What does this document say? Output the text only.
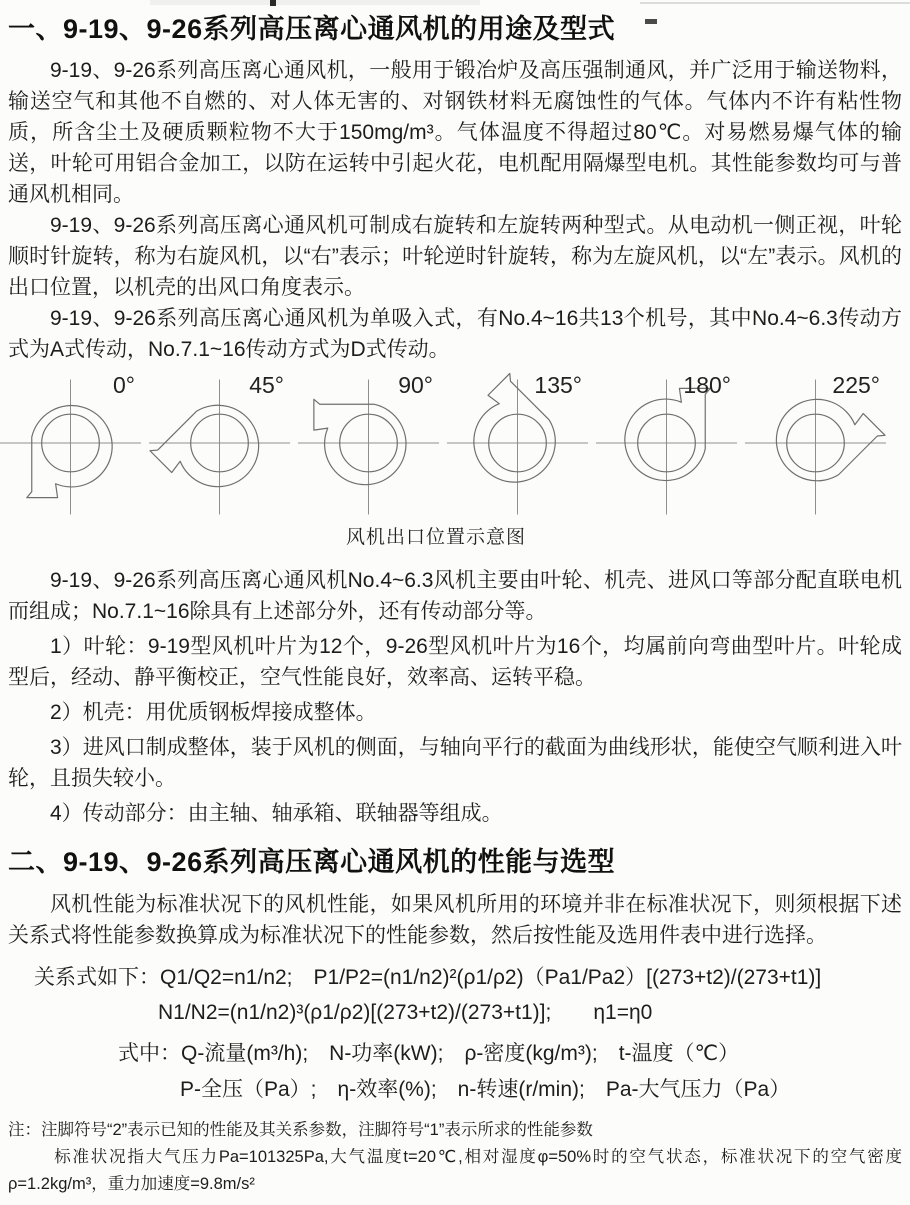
一、9-19、9-26系列高压离心通风机的用途及型式

9-19、9-26系列高压离心通风机，一般用于锻冶炉及高压强制通风，并广泛用于输送物料，输送空气和其他不自燃的、对人体无害的、对钢铁材料无腐蚀性的气体。气体内不许有粘性物质，所含尘土及硬质颗粒物不大于150mg/m³。气体温度不得超过80℃。对易燃易爆气体的输送，叶轮可用铝合金加工，以防在运转中引起火花，电机配用隔爆型电机。其性能参数均可与普通风机相同。

9-19、9-26系列高压离心通风机可制成右旋转和左旋转两种型式。从电动机一侧正视，叶轮顺时针旋转，称为右旋风机，以“右”表示；叶轮逆时针旋转，称为左旋风机，以“左”表示。风机的出口位置，以机壳的出风口角度表示。

9-19、9-26系列高压离心通风机为单吸入式，有No.4~16共13个机号，其中No.4~6.3传动方式为A式传动，No.7.1~16传动方式为D式传动。

0°	45°	90°	135°	180°	225°
风机出口位置示意图

9-19、9-26系列高压离心通风机No.4~6.3风机主要由叶轮、机壳、进风口等部分配直联电机而组成；No.7.1~16除具有上述部分外，还有传动部分等。

1）叶轮：9-19型风机叶片为12个，9-26型风机叶片为16个，均属前向弯曲型叶片。叶轮成型后，经动、静平衡校正，空气性能良好，效率高、运转平稳。

2）机壳：用优质钢板焊接成整体。

3）进风口制成整体，装于风机的侧面，与轴向平行的截面为曲线形状，能使空气顺利进入叶轮，且损失较小。

4）传动部分：由主轴、轴承箱、联轴器等组成。

二、9-19、9-26系列高压离心通风机的性能与选型

风机性能为标准状况下的风机性能，如果风机所用的环境并非在标准状况下，则须根据下述关系式将性能参数换算成为标准状况下的性能参数，然后按性能及选用件表中进行选择。

关系式如下：Q1/Q2=n1/n2;　P1/P2=(n1/n2)²(ρ1/ρ2)（Pa1/Pa2）[(273+t2)/(273+t1)]

N1/N2=(n1/n2)³(ρ1/ρ2)[(273+t2)/(273+t1)];　　η1=η0

式中：Q-流量(m³/h);　N-功率(kW);　ρ-密度(kg/m³);　t-温度（℃）

P-全压（Pa）;　η-效率(%);　n-转速(r/min);　Pa-大气压力（Pa）

注：注脚符号“2”表示已知的性能及其关系参数，注脚符号“1”表示所求的性能参数

标准状况指大气压力Pa=101325Pa,大气温度t=20℃,相对湿度φ=50%时的空气状态，标准状况下的空气密度ρ=1.2kg/m³，重力加速度=9.8m/s²
